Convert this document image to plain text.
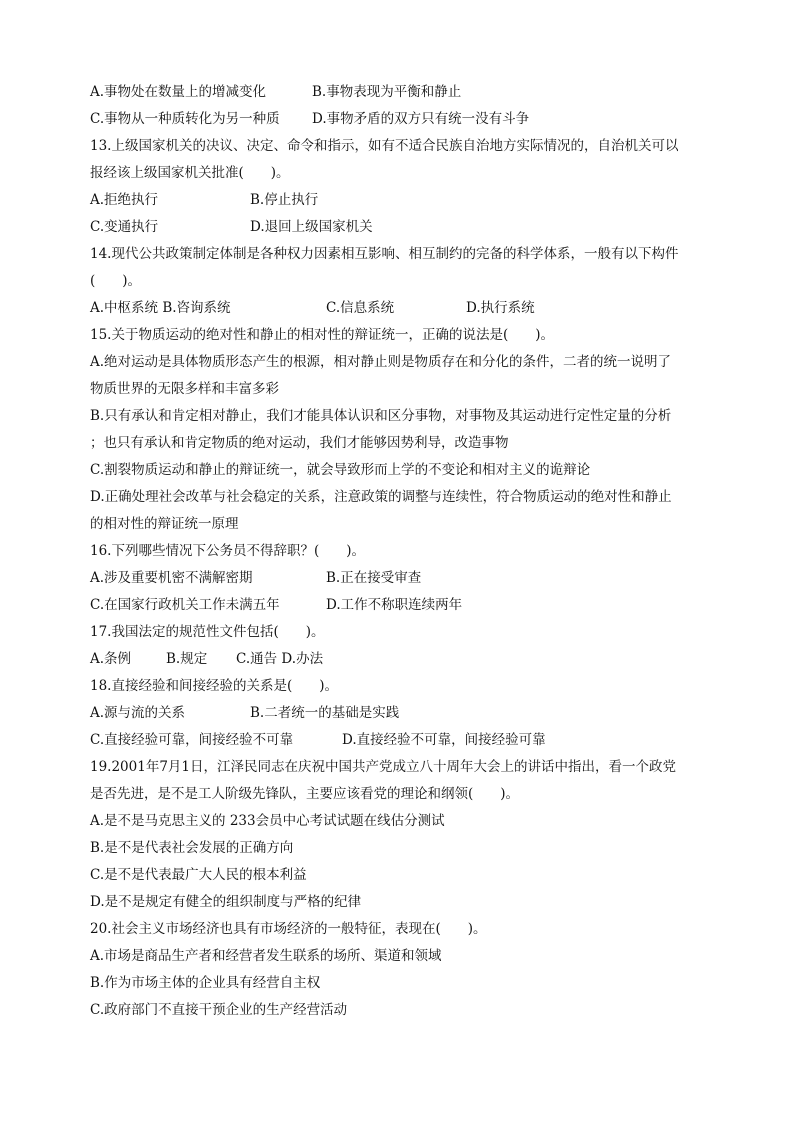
A.事物处在数量上的增减变化	B.事物表现为平衡和静止
C.事物从一种质转化为另一种质 D.事物矛盾的双方只有统一没有斗争
13.上级国家机关的决议、决定、命令和指示，如有不适合民族自治地方实际情况的，自治机关可以
报经该上级国家机关批准(　　)。
A.拒绝执行	B.停止执行
C.变通执行	D.退回上级国家机关
14.现代公共政策制定体制是各种权力因素相互影响、相互制约的完备的科学体系，一般有以下构件
(　　)。
A.中枢系统 B.咨询系统	C.信息系统	D.执行系统
15.关于物质运动的绝对性和静止的相对性的辩证统一，正确的说法是(　　)。
A.绝对运动是具体物质形态产生的根源，相对静止则是物质存在和分化的条件，二者的统一说明了
物质世界的无限多样和丰富多彩
B.只有承认和肯定相对静止，我们才能具体认识和区分事物，对事物及其运动进行定性定量的分析
；也只有承认和肯定物质的绝对运动，我们才能够因势利导，改造事物
C.割裂物质运动和静止的辩证统一，就会导致形而上学的不变论和相对主义的诡辩论
D.正确处理社会改革与社会稳定的关系，注意政策的调整与连续性，符合物质运动的绝对性和静止
的相对性的辩证统一原理
16.下列哪些情况下公务员不得辞职？(　　)。
A.涉及重要机密不满解密期	B.正在接受审查
C.在国家行政机关工作未满五年	D.工作不称职连续两年
17.我国法定的规范性文件包括(　　)。
A.条例	B.规定 C.通告 D.办法
18.直接经验和间接经验的关系是(　　)。
A.源与流的关系	B.二者统一的基础是实践
C.直接经验可靠，间接经验不可靠	D.直接经验不可靠，间接经验可靠
19.2001年7月1日，江泽民同志在庆祝中国共产党成立八十周年大会上的讲话中指出，看一个政党
是否先进，是不是工人阶级先锋队，主要应该看党的理论和纲领(　　)。
A.是不是马克思主义的 233会员中心考试试题在线估分测试
B.是不是代表社会发展的正确方向
C.是不是代表最广大人民的根本利益
D.是不是规定有健全的组织制度与严格的纪律
20.社会主义市场经济也具有市场经济的一般特征，表现在(　　)。
A.市场是商品生产者和经营者发生联系的场所、渠道和领域
B.作为市场主体的企业具有经营自主权
C.政府部门不直接干预企业的生产经营活动
